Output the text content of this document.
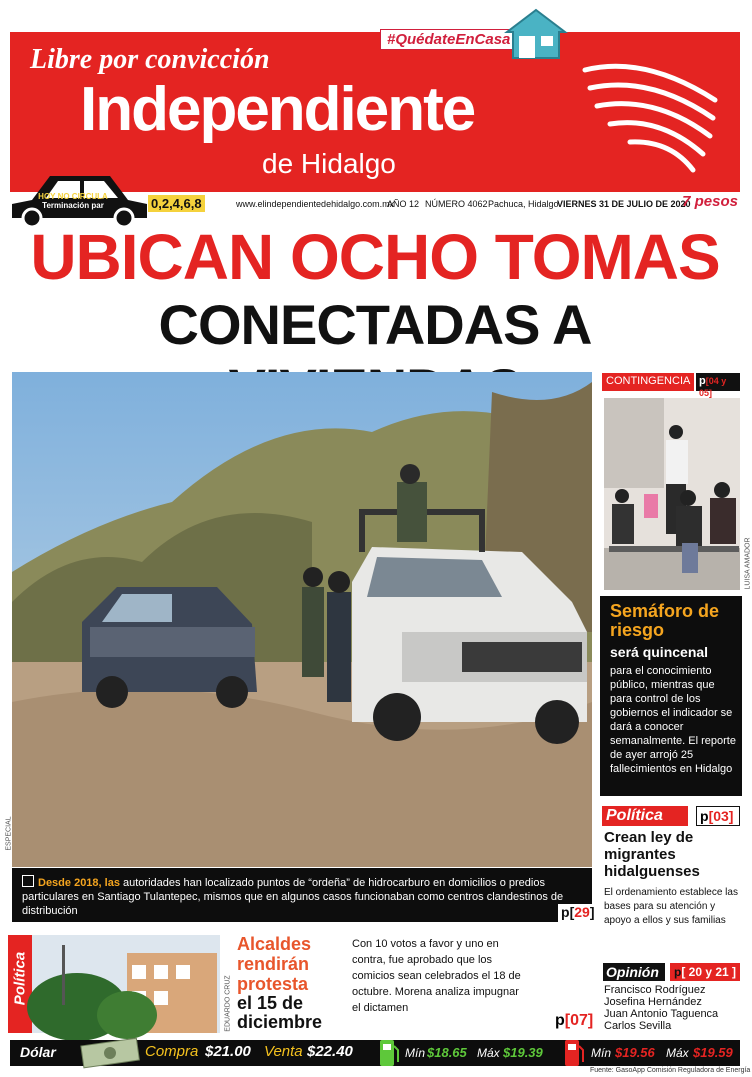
Libre por convicción
Independiente
de Hidalgo
#QuédateEnCasa
HOY NO CIRCULA
Terminación par	0,2,4,6,8	www.elindependientedehidalgo.com.mx
AÑO 12 NÚMERO 4062 Pachuca, Hidalgo
VIERNES 31 DE JULIO DE 2020
7 pesos
UBICAN OCHO TOMAS
CONECTADAS A
ESPECIAL

Desde 2018, las autoridades han localizado puntos de “ordeña” de hidrocarburo en domicilios o predios particulares en Santiago Tulantepec, mismos que en algunos casos funcionaban como centros clandestinos de distribución	p[29]
CONTINGENCIA p[04 y 05]
LUISA AMADOR
Semáforo de riesgo
será quincenal
para el conocimiento público, mientras que para control de los gobiernos el indicador se dará a conocer semanalmente. El reporte de ayer arrojó 25 fallecimientos en Hidalgo
Política	p[03]
Crean ley de migrantes hidalguenses
El ordenamiento establece las bases para su atención y apoyo a ellos y sus familias
Política	EDUARDO CRUZ
Alcaldes rendirán protesta
el 15 de diciembre
Con 10 votos a favor y uno en contra, fue aprobado que los comicios sean celebrados el 18 de octubre. Morena analiza impugnar el dictamen
p[07]
Opinión	p[ 20 y 21 ]
Francisco Rodríguez
Josefina Hernández
Juan Antonio Taguenca
Carlos Sevilla
Dólar	Compra $21.00 Venta $22.40	Mín $18.65 Máx $19.39	Mín $19.56 Máx $19.59
Fuente: GasoApp Comisión Reguladora de Energía
